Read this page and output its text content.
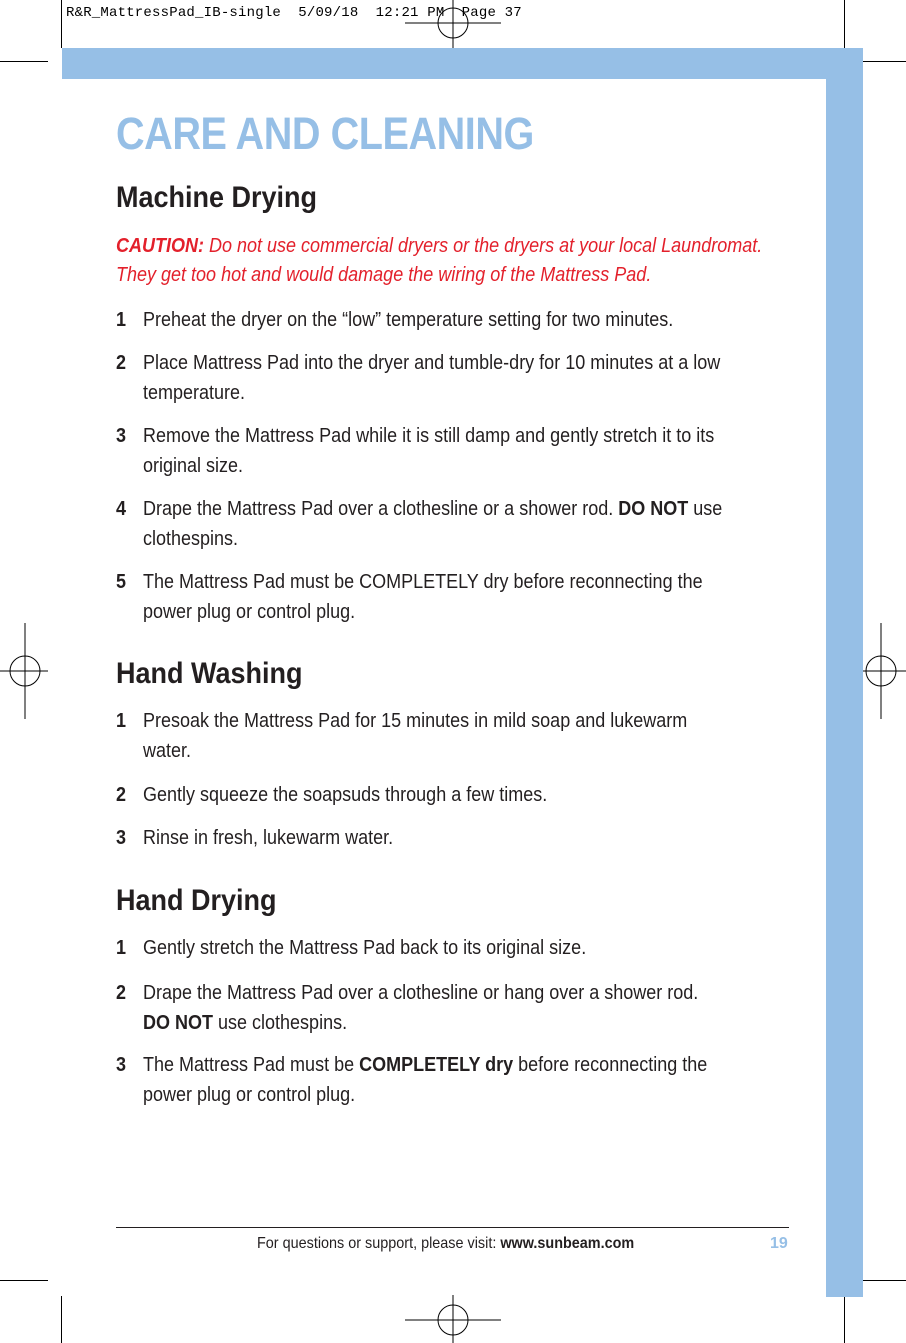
R&R_MattressPad_IB-single  5/09/18  12:21 PM  Page 37
CARE AND CLEANING
Machine Drying
CAUTION: Do not use commercial dryers or the dryers at your local Laundromat.
They get too hot and would damage the wiring of the Mattress Pad.
1 Preheat the dryer on the “low” temperature setting for two minutes.
2 Place Mattress Pad into the dryer and tumble-dry for 10 minutes at a low
temperature.
3 Remove the Mattress Pad while it is still damp and gently stretch it to its
original size.
4 Drape the Mattress Pad over a clothesline or a shower rod. DO NOT use
clothespins.
5 The Mattress Pad must be COMPLETELY dry before reconnecting the
power plug or control plug.
Hand Washing
1 Presoak the Mattress Pad for 15 minutes in mild soap and lukewarm
water.
2 Gently squeeze the soapsuds through a few times.
3 Rinse in fresh, lukewarm water.
Hand Drying
1 Gently stretch the Mattress Pad back to its original size.
2 Drape the Mattress Pad over a clothesline or hang over a shower rod.
DO NOT use clothespins.
3 The Mattress Pad must be COMPLETELY dry before reconnecting the
power plug or control plug.
For questions or support, please visit: www.sunbeam.com	19
